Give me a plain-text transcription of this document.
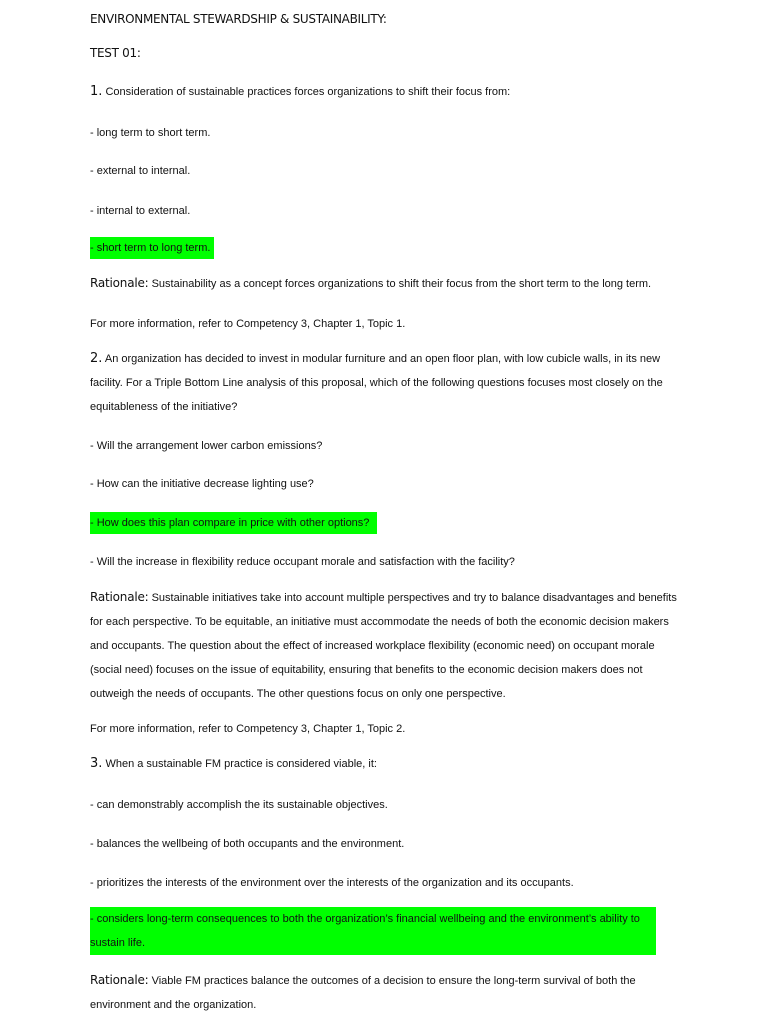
ENVIRONMENTAL STEWARDSHIP & SUSTAINABILITY:
TEST 01:
1. Consideration of sustainable practices forces organizations to shift their focus from:
- long term to short term.
- external to internal.
- internal to external.
- short term to long term.
Rationale: Sustainability as a concept forces organizations to shift their focus from the short term to the long term.
For more information, refer to Competency 3, Chapter 1, Topic 1.
2. An organization has decided to invest in modular furniture and an open floor plan, with low cubicle walls, in its new facility. For a Triple Bottom Line analysis of this proposal, which of the following questions focuses most closely on the equitableness of the initiative?
- Will the arrangement lower carbon emissions?
- How can the initiative decrease lighting use?
- How does this plan compare in price with other options?
- Will the increase in flexibility reduce occupant morale and satisfaction with the facility?
Rationale: Sustainable initiatives take into account multiple perspectives and try to balance disadvantages and benefits for each perspective. To be equitable, an initiative must accommodate the needs of both the economic decision makers and occupants. The question about the effect of increased workplace flexibility (economic need) on occupant morale (social need) focuses on the issue of equitability, ensuring that benefits to the economic decision makers does not outweigh the needs of occupants. The other questions focus on only one perspective.
For more information, refer to Competency 3, Chapter 1, Topic 2.
3. When a sustainable FM practice is considered viable, it:
- can demonstrably accomplish the its sustainable objectives.
- balances the wellbeing of both occupants and the environment.
- prioritizes the interests of the environment over the interests of the organization and its occupants.
- considers long-term consequences to both the organization’s financial wellbeing and the environment’s ability to sustain life.
Rationale: Viable FM practices balance the outcomes of a decision to ensure the long-term survival of both the environment and the organization.
